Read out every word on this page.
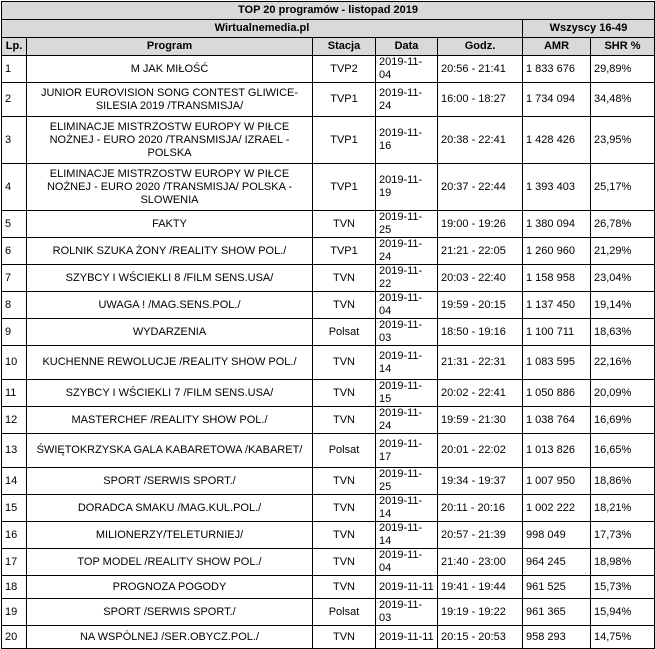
TOP 20 programów - listopad 2019						
Wirtualnemedia.pl					Wszyscy 16-49	
Lp.	Program	Stacja	Data	Godz.	AMR	SHR %
1	M JAK MIŁOŚĆ	TVP2	2019-11-04	20:56 - 21:41	1 833 676	29,89%
2	JUNIOR EUROVISION SONG CONTEST GLIWICE-SILESIA 2019 /TRANSMISJA/	TVP1	2019-11-24	16:00 - 18:27	1 734 094	34,48%
3	ELIMINACJE MISTRZOSTW EUROPY W PIŁCE NOŻNEJ - EURO 2020 /TRANSMISJA/ IZRAEL - POLSKA	TVP1	2019-11-16	20:38 - 22:41	1 428 426	23,95%
4	ELIMINACJE MISTRZOSTW EUROPY W PIŁCE NOŻNEJ - EURO 2020 /TRANSMISJA/ POLSKA - SLOWENIA	TVP1	2019-11-19	20:37 - 22:44	1 393 403	25,17%
5	FAKTY	TVN	2019-11-25	19:00 - 19:26	1 380 094	26,78%
6	ROLNIK SZUKA ŻONY /REALITY SHOW POL./	TVP1	2019-11-24	21:21 - 22:05	1 260 960	21,29%
7	SZYBCY I WŚCIEKLI 8 /FILM SENS.USA/	TVN	2019-11-22	20:03 - 22:40	1 158 958	23,04%
8	UWAGA ! /MAG.SENS.POL./	TVN	2019-11-04	19:59 - 20:15	1 137 450	19,14%
9	WYDARZENIA	Polsat	2019-11-03	18:50 - 19:16	1 100 711	18,63%
10	KUCHENNE REWOLUCJE /REALITY SHOW POL./	TVN	2019-11-14	21:31 - 22:31	1 083 595	22,16%
11	SZYBCY I WŚCIEKLI 7 /FILM SENS.USA/	TVN	2019-11-15	20:02 - 22:41	1 050 886	20,09%
12	MASTERCHEF /REALITY SHOW POL./	TVN	2019-11-24	19:59 - 21:30	1 038 764	16,69%
13	ŚWIĘTOKRZYSKA GALA KABARETOWA /KABARET/	Polsat	2019-11-17	20:01 - 22:02	1 013 826	16,65%
14	SPORT /SERWIS SPORT./	TVN	2019-11-25	19:34 - 19:37	1 007 950	18,86%
15	DORADCA SMAKU /MAG.KUL.POL./	TVN	2019-11-14	20:11 - 20:16	1 002 222	18,21%
16	MILIONERZY/TELETURNIEJ/	TVN	2019-11-14	20:57 - 21:39	998 049	17,73%
17	TOP MODEL /REALITY SHOW POL./	TVN	2019-11-04	21:40 - 23:00	964 245	18,98%
18	PROGNOZA POGODY	TVN	2019-11-11	19:41 - 19:44	961 525	15,73%
19	SPORT /SERWIS SPORT./	Polsat	2019-11-03	19:19 - 19:22	961 365	15,94%
20	NA WSPÓLNEJ /SER.OBYCZ.POL./	TVN	2019-11-11	20:15 - 20:53	958 293	14,75%
